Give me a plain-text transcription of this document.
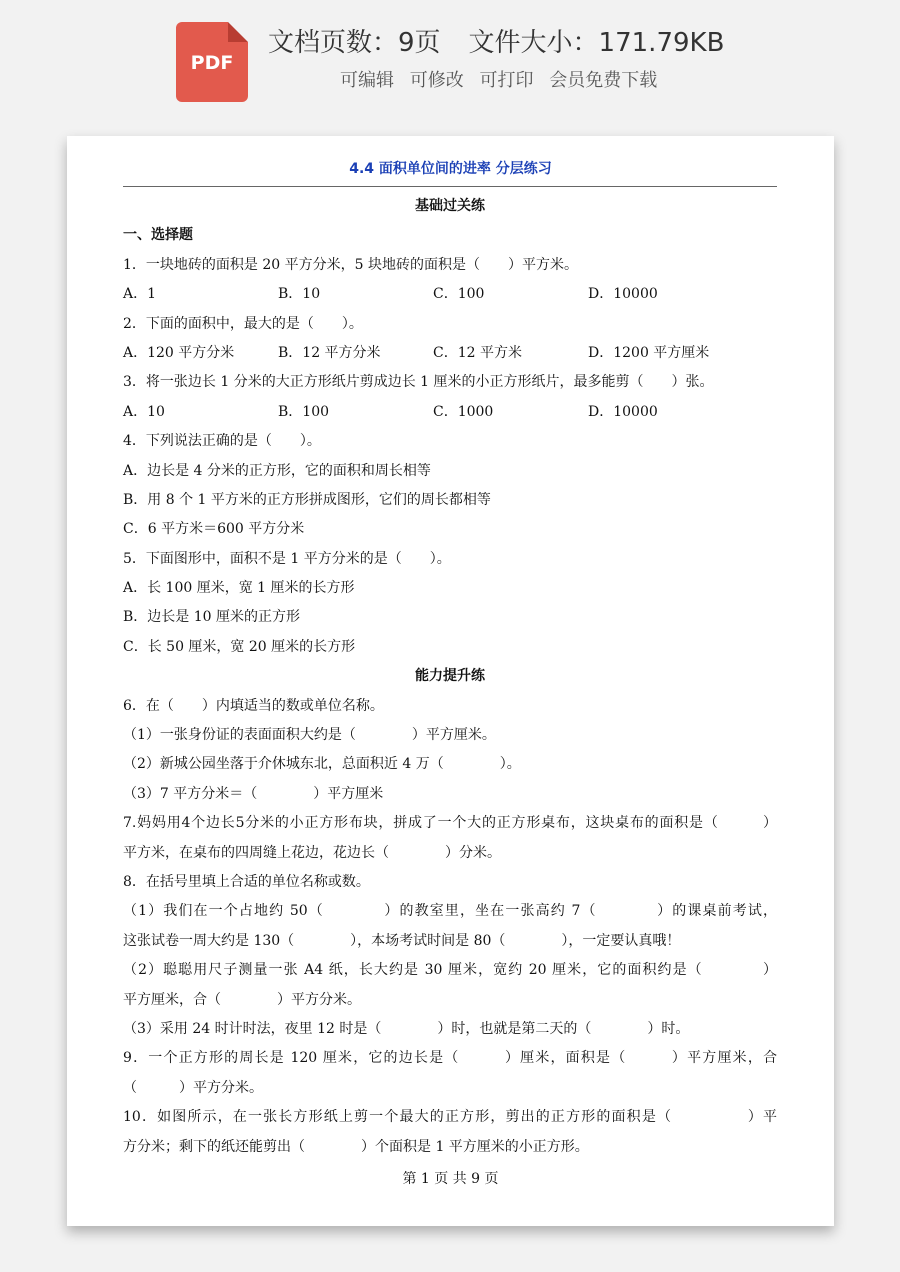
PDF
文档页数：9页 文件大小：171.79KB
可编辑 可修改 可打印 会员免费下载
4.4 面积单位间的进率 分层练习
基础过关练
一、选择题
1．一块地砖的面积是 20 平方分米，5 块地砖的面积是（　　）平方米。
A．1	B．10	C．100	D．10000
2．下面的面积中，最大的是（　　）。
A．120 平方分米	B．12 平方分米	C．12 平方米	D．1200 平方厘米
3．将一张边长 1 分米的大正方形纸片剪成边长 1 厘米的小正方形纸片，最多能剪（　　）张。
A．10	B．100	C．1000	D．10000
4．下列说法正确的是（　　）。
A．边长是 4 分米的正方形，它的面积和周长相等
B．用 8 个 1 平方米的正方形拼成图形，它们的周长都相等
C．6 平方米＝600 平方分米
5．下面图形中，面积不是 1 平方分米的是（　　）。
A．长 100 厘米，宽 1 厘米的长方形
B．边长是 10 厘米的正方形
C．长 50 厘米，宽 20 厘米的长方形
能力提升练
6．在（　　）内填适当的数或单位名称。
（1）一张身份证的表面面积大约是（　　　　）平方厘米。
（2）新城公园坐落于介休城东北，总面积近 4 万（　　　　）。
（3）7 平方分米＝（　　　　）平方厘米
7.妈妈用4个边长5分米的小正方形布块，拼成了一个大的正方形桌布，这块桌布的面积是（　　　）
平方米，在桌布的四周缝上花边，花边长（　　　　）分米。
8．在括号里填上合适的单位名称或数。
（1）我们在一个占地约 50（　　　　）的教室里，坐在一张高约 7（　　　　）的课桌前考试，
这张试卷一周大约是 130（　　　　），本场考试时间是 80（　　　　），一定要认真哦！
（2）聪聪用尺子测量一张 A4 纸，长大约是 30 厘米，宽约 20 厘米，它的面积约是（　　　　）
平方厘米，合（　　　　）平方分米。
（3）采用 24 时计时法，夜里 12 时是（　　　　）时，也就是第二天的（　　　　）时。
9．一个正方形的周长是 120 厘米，它的边长是（　　　）厘米，面积是（　　　）平方厘米，合
（　　　）平方分米。
10．如图所示，在一张长方形纸上剪一个最大的正方形，剪出的正方形的面积是（　　　　　）平
方分米；剩下的纸还能剪出（　　　　）个面积是 1 平方厘米的小正方形。
第 1 页 共 9 页
